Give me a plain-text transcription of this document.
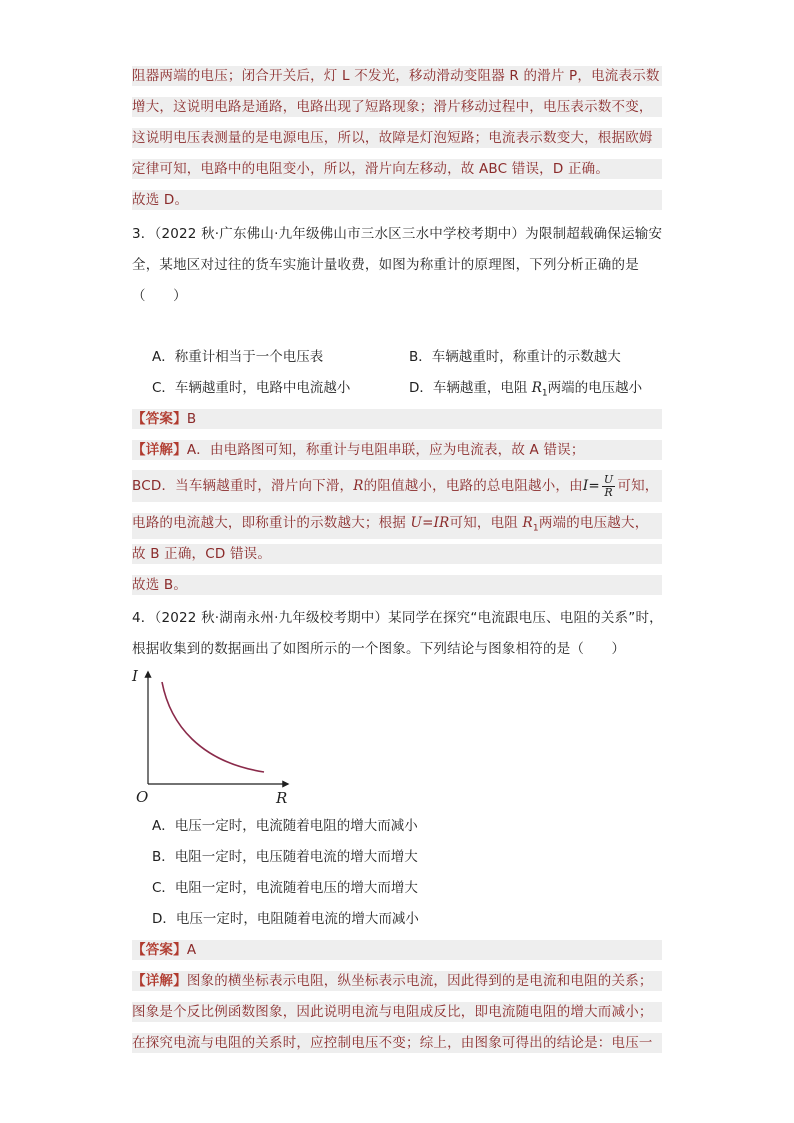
阻器两端的电压；闭合开关后，灯 L 不发光，移动滑动变阻器 R 的滑片 P，电流表示数
增大，这说明电路是通路，电路出现了短路现象；滑片移动过程中，电压表示数不变，
这说明电压表测量的是电源电压，所以，故障是灯泡短路；电流表示数变大，根据欧姆
定律可知，电路中的电阻变小，所以，滑片向左移动，故 ABC 错误，D 正确。
故选 D。
3．（2022 秋·广东佛山·九年级佛山市三水区三水中学校考期中）为限制超载确保运输安
全，某地区对过往的货车实施计量收费，如图为称重计的原理图，下列分析正确的是
（　　）
A．称重计相当于一个电压表	B．车辆越重时，称重计的示数越大
C．车辆越重时，电路中电流越小	D．车辆越重，电阻 $R_1$两端的电压越小
【答案】B
【详解】A．由电路图可知，称重计与电阻串联，应为电流表，故 A 错误；
BCD．当车辆越重时，滑片向下滑，R的阻值越小，电路的总电阻越小，由$I= \frac{U}{R}$ 可知，
电路的电流越大，即称重计的示数越大；根据 U=IR可知，电阻 $R_1$两端的电压越大，
故 B 正确，CD 错误。
故选 B。
4．（2022 秋·湖南永州·九年级校考期中）某同学在探究“电流跟电压、电阻的关系”时，
根据收集到的数据画出了如图所示的一个图象。下列结论与图象相符的是（　　）
I
O	R
A．电压一定时，电流随着电阻的增大而减小
B．电阻一定时，电压随着电流的增大而增大
C．电阻一定时，电流随着电压的增大而增大
D．电压一定时，电阻随着电流的增大而减小
【答案】A
【详解】图象的横坐标表示电阻，纵坐标表示电流，因此得到的是电流和电阻的关系；
图象是个反比例函数图象，因此说明电流与电阻成反比，即电流随电阻的增大而减小；
在探究电流与电阻的关系时，应控制电压不变；综上，由图象可得出的结论是：电压一
